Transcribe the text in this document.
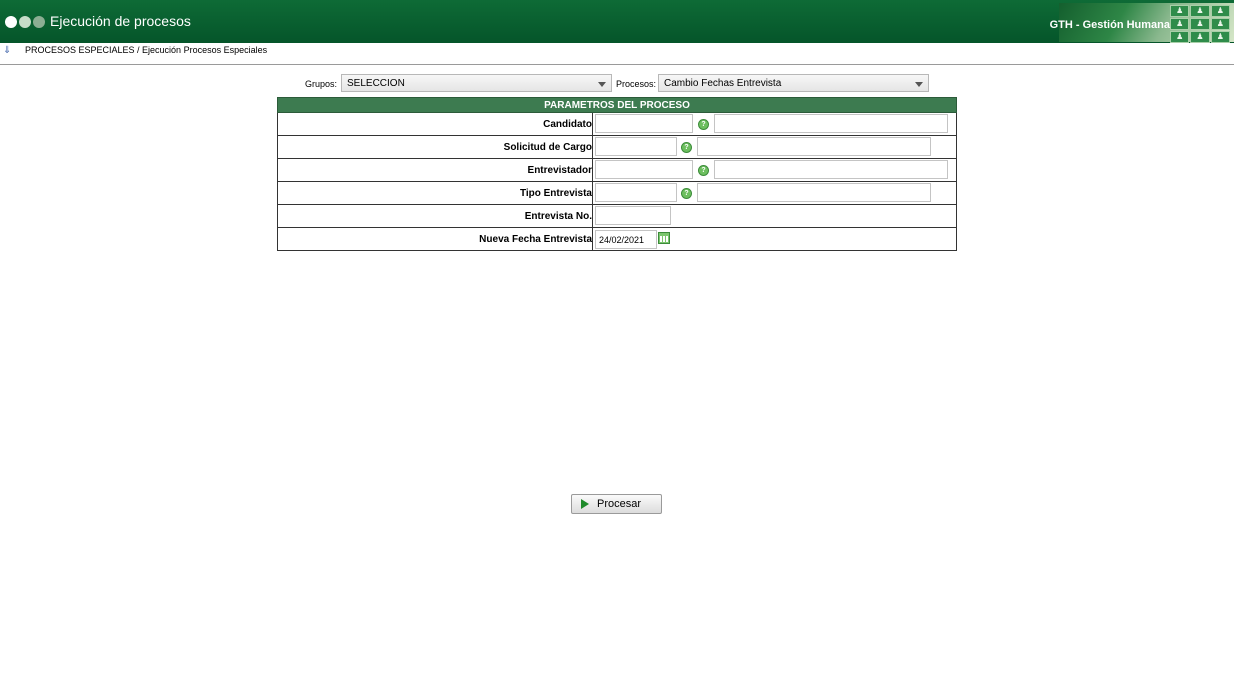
Ejecución de procesos
♟	♟	♟
♟	♟	♟
♟	♟	♟
GTH - Gestión Humana
⇓ PROCESOS ESPECIALES / Ejecución Procesos Especiales
Grupos: SELECCION	Procesos: Cambio Fechas Entrevista
PARAMETROS DEL PROCESO	
Candidato	?

Solicitud de Cargo	?

Entrevistador	?

Tipo Entrevista	?

Entrevista No.	

Nueva Fecha Entrevista	24/02/2021
Procesar
